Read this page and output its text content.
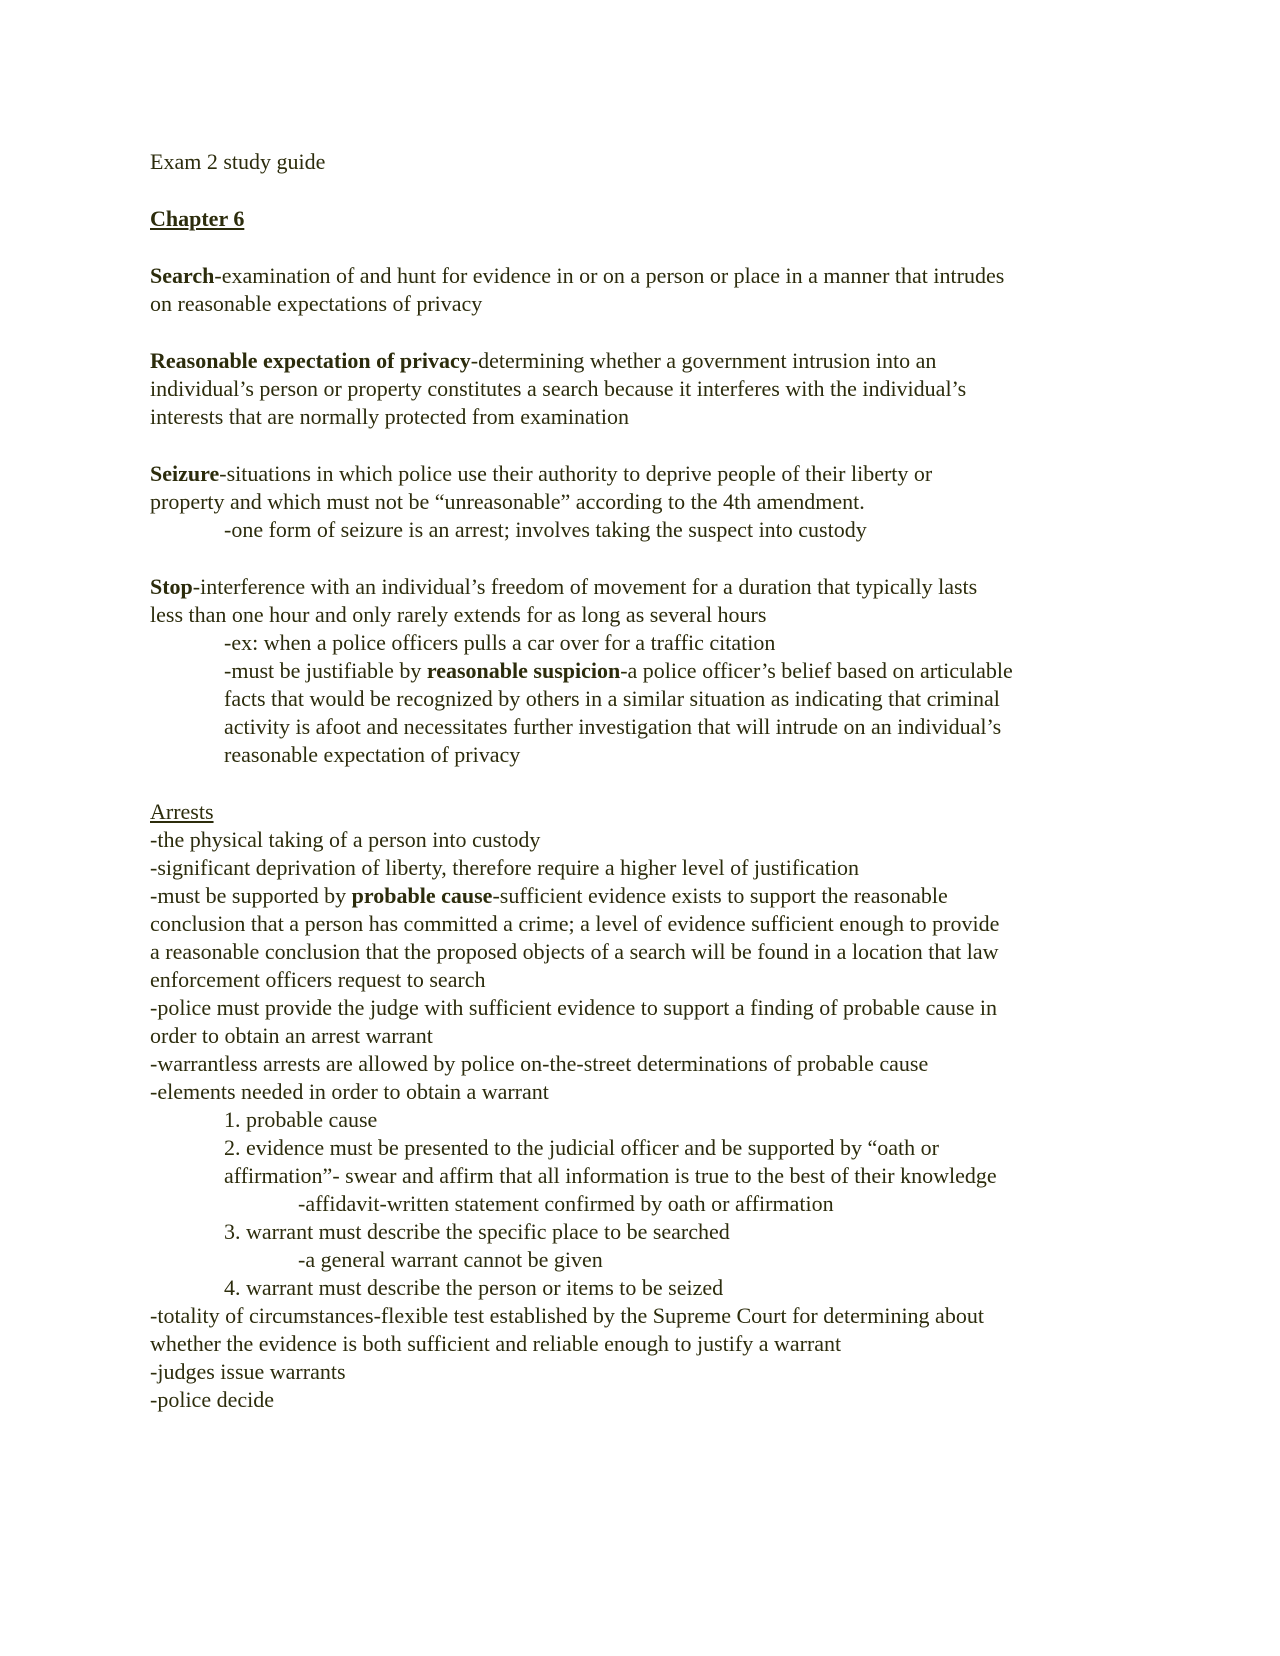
Exam 2 study guide
Chapter 6
Search-examination of and hunt for evidence in or on a person or place in a manner that intrudes
on reasonable expectations of privacy
Reasonable expectation of privacy-determining whether a government intrusion into an
individual’s person or property constitutes a search because it interferes with the individual’s
interests that are normally protected from examination
Seizure-situations in which police use their authority to deprive people of their liberty or
property and which must not be “unreasonable” according to the 4th amendment.
-one form of seizure is an arrest; involves taking the suspect into custody
Stop-interference with an individual’s freedom of movement for a duration that typically lasts
less than one hour and only rarely extends for as long as several hours
-ex: when a police officers pulls a car over for a traffic citation
-must be justifiable by reasonable suspicion-a police officer’s belief based on articulable
facts that would be recognized by others in a similar situation as indicating that criminal
activity is afoot and necessitates further investigation that will intrude on an individual’s
reasonable expectation of privacy
Arrests
-the physical taking of a person into custody
-significant deprivation of liberty, therefore require a higher level of justification
-must be supported by probable cause-sufficient evidence exists to support the reasonable
conclusion that a person has committed a crime; a level of evidence sufficient enough to provide
a reasonable conclusion that the proposed objects of a search will be found in a location that law
enforcement officers request to search
-police must provide the judge with sufficient evidence to support a finding of probable cause in
order to obtain an arrest warrant
-warrantless arrests are allowed by police on-the-street determinations of probable cause
-elements needed in order to obtain a warrant
1. probable cause
2. evidence must be presented to the judicial officer and be supported by “oath or
affirmation”- swear and affirm that all information is true to the best of their knowledge
-affidavit-written statement confirmed by oath or affirmation
3. warrant must describe the specific place to be searched
-a general warrant cannot be given
4. warrant must describe the person or items to be seized
-totality of circumstances-flexible test established by the Supreme Court for determining about
whether the evidence is both sufficient and reliable enough to justify a warrant
-judges issue warrants
-police decide
